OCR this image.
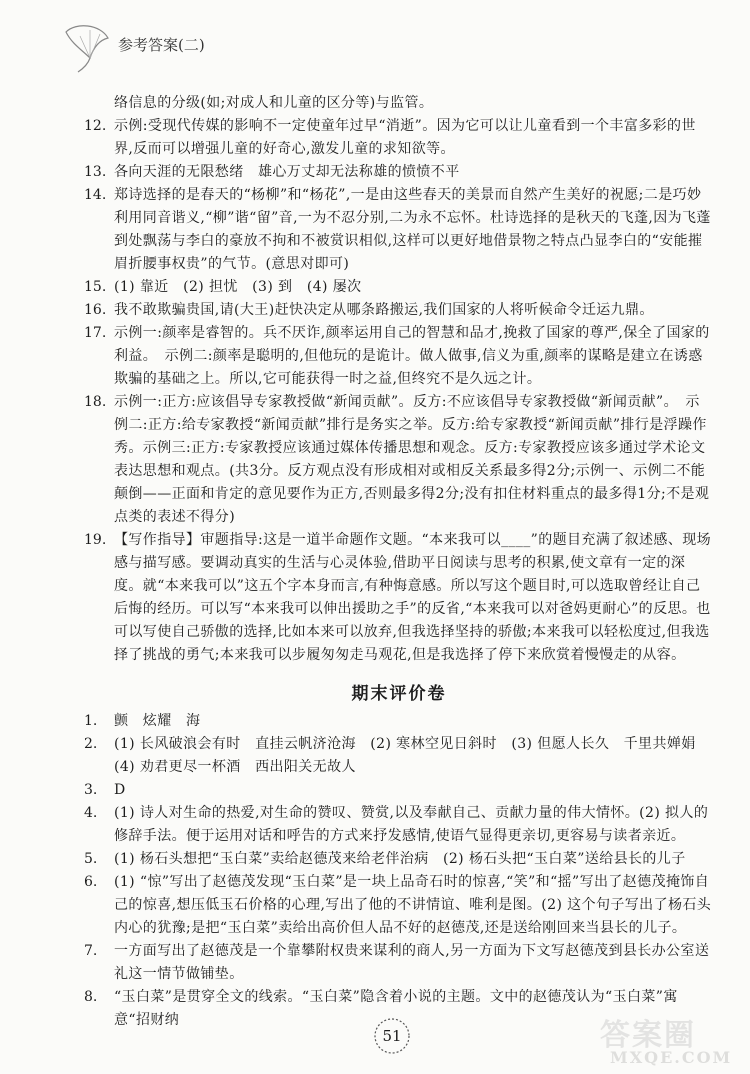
参考答案(二)

络信息的分级(如;对成人和儿童的区分等)与监管。

12. 示例:受现代传媒的影响不一定使童年过早“消逝”。因为它可以让儿童看到一个丰富多彩的世界,反而可以增强儿童的好奇心,激发儿童的求知欲等。

13. 各向天涯的无限愁绪　雄心万丈却无法称雄的愤愤不平

14. 郑诗选择的是春天的“杨柳”和“杨花”,一是由这些春天的美景而自然产生美好的祝愿;二是巧妙利用同音谐义,“柳”谐“留”音,一为不忍分别,二为永不忘怀。杜诗选择的是秋天的飞蓬,因为飞蓬到处飘荡与李白的豪放不拘和不被赏识相似,这样可以更好地借景物之特点凸显李白的“安能摧眉折腰事权贵”的气节。(意思对即可)

15. (1) 靠近　(2) 担忧　(3) 到　(4) 屡次

16. 我不敢欺骗贵国,请(大王)赶快决定从哪条路搬运,我们国家的人将听候命令迁运九鼎。

17. 示例一:颜率是睿智的。兵不厌诈,颜率运用自己的智慧和品才,挽救了国家的尊严,保全了国家的利益。　示例二:颜率是聪明的,但他玩的是诡计。做人做事,信义为重,颜率的谋略是建立在诱惑欺骗的基础之上。所以,它可能获得一时之益,但终究不是久远之计。

18. 示例一:正方:应该倡导专家教授做“新闻贡献”。反方:不应该倡导专家教授做“新闻贡献”。　示例二:正方:给专家教授“新闻贡献”排行是务实之举。反方:给专家教授“新闻贡献”排行是浮躁作秀。示例三:正方:专家教授应该通过媒体传播思想和观念。反方:专家教授应该多通过学术论文表达思想和观点。(共3分。反方观点没有形成相对或相反关系最多得2分;示例一、示例二不能颠倒——正面和肯定的意见要作为正方,否则最多得2分;没有扣住材料重点的最多得1分;不是观点类的表述不得分)

19. 【写作指导】审题指导:这是一道半命题作文题。“本来我可以____”的题目充满了叙述感、现场感与描写感。要调动真实的生活与心灵体验,借助平日阅读与思考的积累,使文章有一定的深度。就“本来我可以”这五个字本身而言,有种悔意感。所以写这个题目时,可以选取曾经让自己后悔的经历。可以写“本来我可以伸出援助之手”的反省,“本来我可以对爸妈更耐心”的反思。也可以写使自己骄傲的选择,比如本来可以放弃,但我选择坚持的骄傲;本来我可以轻松度过,但我选择了挑战的勇气;本来我可以步履匆匆走马观花,但是我选择了停下来欣赏着慢慢走的从容。

期末评价卷
1.	颤　炫耀　海

2.	(1) 长风破浪会有时　直挂云帆济沧海　(2) 寒林空见日斜时　(3) 但愿人长久　千里共婵娟　(4) 劝君更尽一杯酒　西出阳关无故人

3.	D

4.	(1) 诗人对生命的热爱,对生命的赞叹、赞赏,以及奉献自己、贡献力量的伟大情怀。(2) 拟人的修辞手法。便于运用对话和呼告的方式来抒发感情,使语气显得更亲切,更容易与读者亲近。

5.	(1) 杨石头想把“玉白菜”卖给赵德茂来给老伴治病　(2) 杨石头把“玉白菜”送给县长的儿子

6.	(1) “惊”写出了赵德茂发现“玉白菜”是一块上品奇石时的惊喜,“笑”和“摇”写出了赵德茂掩饰自己的惊喜,想压低玉石价格的心理,写出了他的不讲情谊、唯利是图。(2) 这个句子写出了杨石头内心的犹豫;是把“玉白菜”卖给出高价但人品不好的赵德茂,还是送给刚回来当县长的儿子。

7.	一方面写出了赵德茂是一个靠攀附权贵来谋利的商人,另一方面为下文写赵德茂到县长办公室送礼这一情节做铺垫。

8.	“玉白菜”是贯穿全文的线索。“玉白菜”隐含着小说的主题。文中的赵德茂认为“玉白菜”寓意“招财纳

51	答案圈
MXQE.COM
